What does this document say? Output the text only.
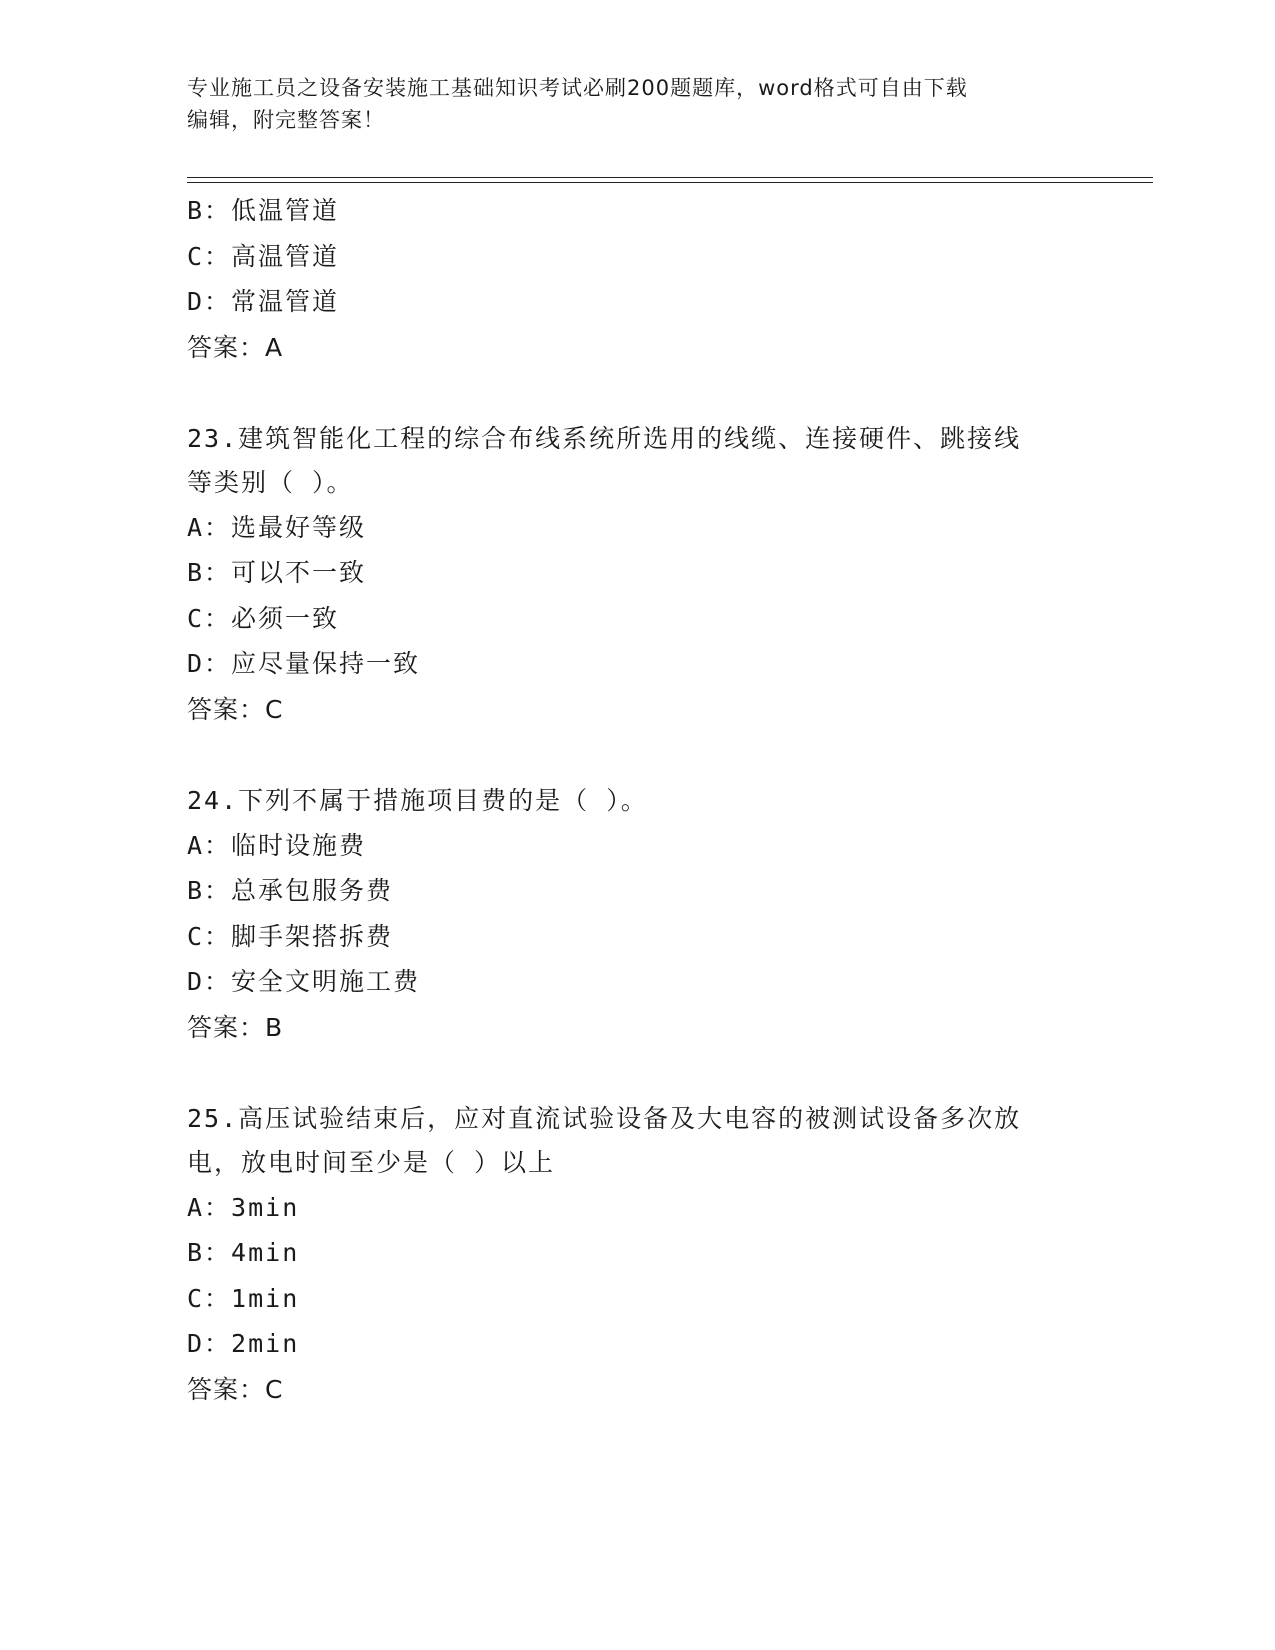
专业施工员之设备安装施工基础知识考试必刷200题题库，word格式可自由下载
编辑，附完整答案！
B：低温管道
C：高温管道
D：常温管道
答案：A
23.建筑智能化工程的综合布线系统所选用的线缆、连接硬件、跳接线
等类别（ ）。
A：选最好等级
B：可以不一致
C：必须一致
D：应尽量保持一致
答案：C
24.下列不属于措施项目费的是（ ）。
A：临时设施费
B：总承包服务费
C：脚手架搭拆费
D：安全文明施工费
答案：B
25.高压试验结束后，应对直流试验设备及大电容的被测试设备多次放
电，放电时间至少是（ ）以上
A：3min
B：4min
C：1min
D：2min
答案：C
